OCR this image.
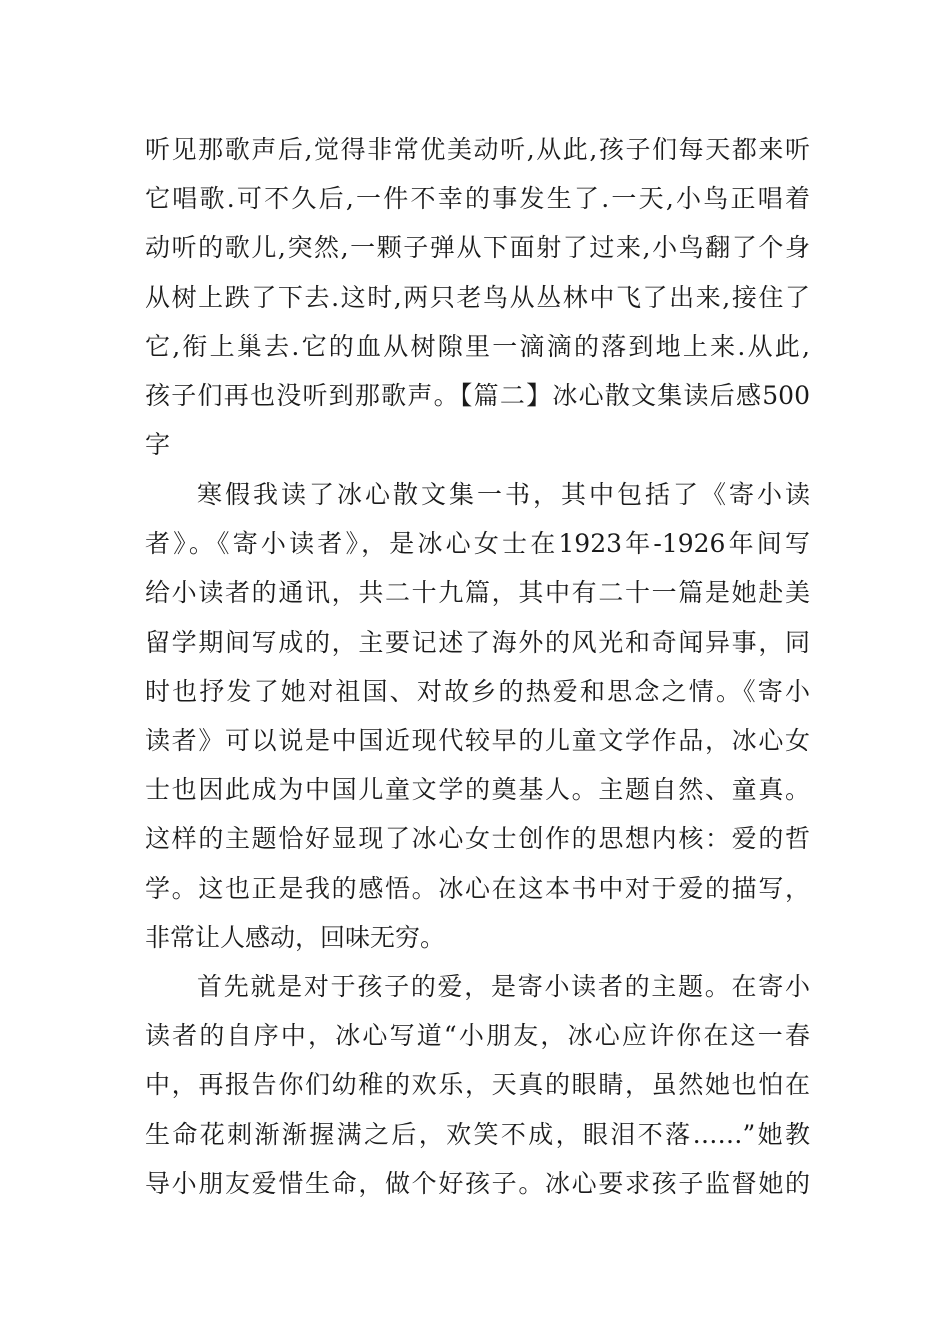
听见那歌声后,觉得非常优美动听,从此,孩子们每天都来听
它唱歌.可不久后,一件不幸的事发生了.一天,小鸟正唱着
动听的歌儿,突然,一颗子弹从下面射了过来,小鸟翻了个身
从树上跌了下去.这时,两只老鸟从丛林中飞了出来,接住了
它,衔上巢去.它的血从树隙里一滴滴的落到地上来.从此,
孩子们再也没听到那歌声。【篇二】冰心散文集读后感500
字
寒假我读了冰心散文集一书，其中包括了《寄小读
者》。《寄小读者》，是冰心女士在1923年-1926年间写
给小读者的通讯，共二十九篇，其中有二十一篇是她赴美
留学期间写成的，主要记述了海外的风光和奇闻异事，同
时也抒发了她对祖国、对故乡的热爱和思念之情。《寄小
读者》可以说是中国近现代较早的儿童文学作品，冰心女
士也因此成为中国儿童文学的奠基人。主题自然、童真。
这样的主题恰好显现了冰心女士创作的思想内核：爱的哲
学。这也正是我的感悟。冰心在这本书中对于爱的描写，
非常让人感动，回味无穷。
首先就是对于孩子的爱，是寄小读者的主题。在寄小
读者的自序中，冰心写道“小朋友，冰心应许你在这一春
中，再报告你们幼稚的欢乐，天真的眼睛，虽然她也怕在
生命花刺渐渐握满之后，欢笑不成，眼泪不落……”她教
导小朋友爱惜生命，做个好孩子。冰心要求孩子监督她的
